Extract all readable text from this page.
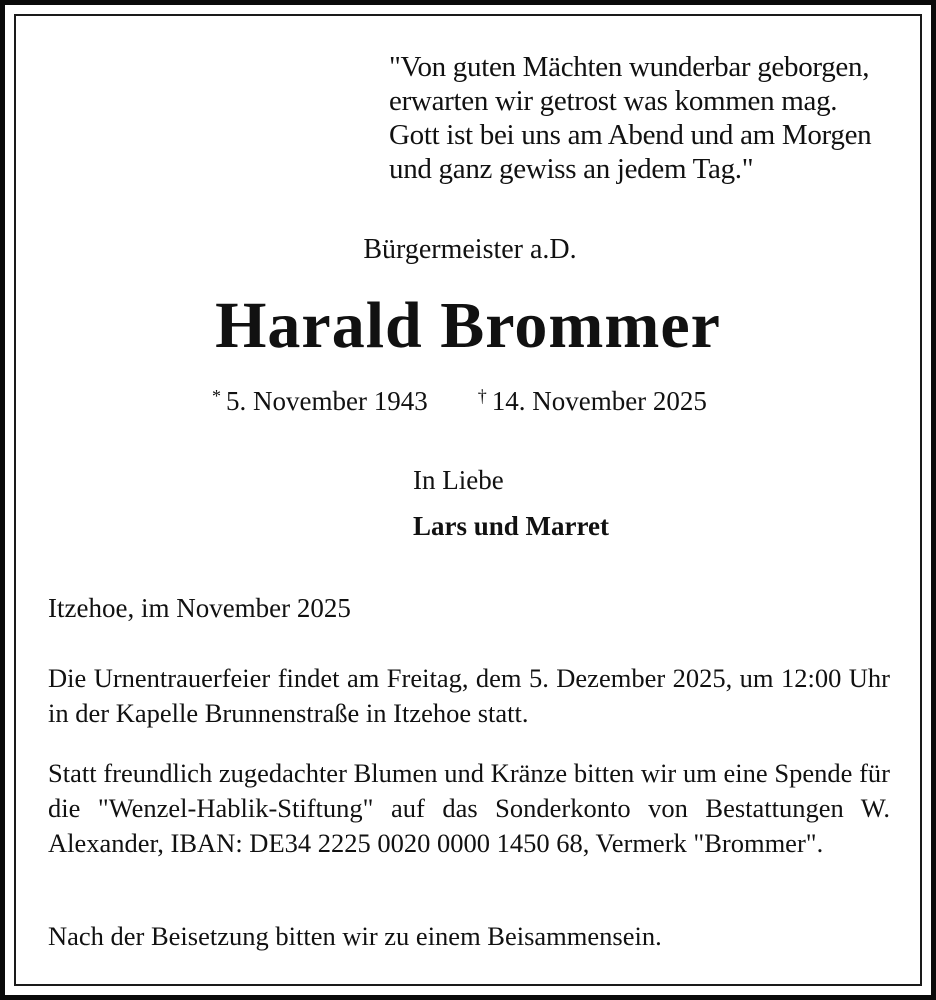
"Von guten Mächten wunderbar geborgen,
erwarten wir getrost was kommen mag.
Gott ist bei uns am Abend und am Morgen
und ganz gewiss an jedem Tag."
Bürgermeister a.D.
Harald Brommer
* 5. November 1943	† 14. November 2025
In Liebe
Lars und Marret
Itzehoe, im November 2025
Die Urnentrauerfeier findet am Freitag, dem 5. Dezember 2025, um 12:00 Uhr in der Kapelle Brunnenstraße in Itzehoe statt.
Statt freundlich zugedachter Blumen und Kränze bitten wir um eine Spende für die "Wenzel-Hablik-Stiftung" auf das Sonderkonto von Bestattungen W. Alexander, IBAN: DE34 2225 0020 0000 1450 68, Vermerk "Brommer".
Nach der Beisetzung bitten wir zu einem Beisammensein.
